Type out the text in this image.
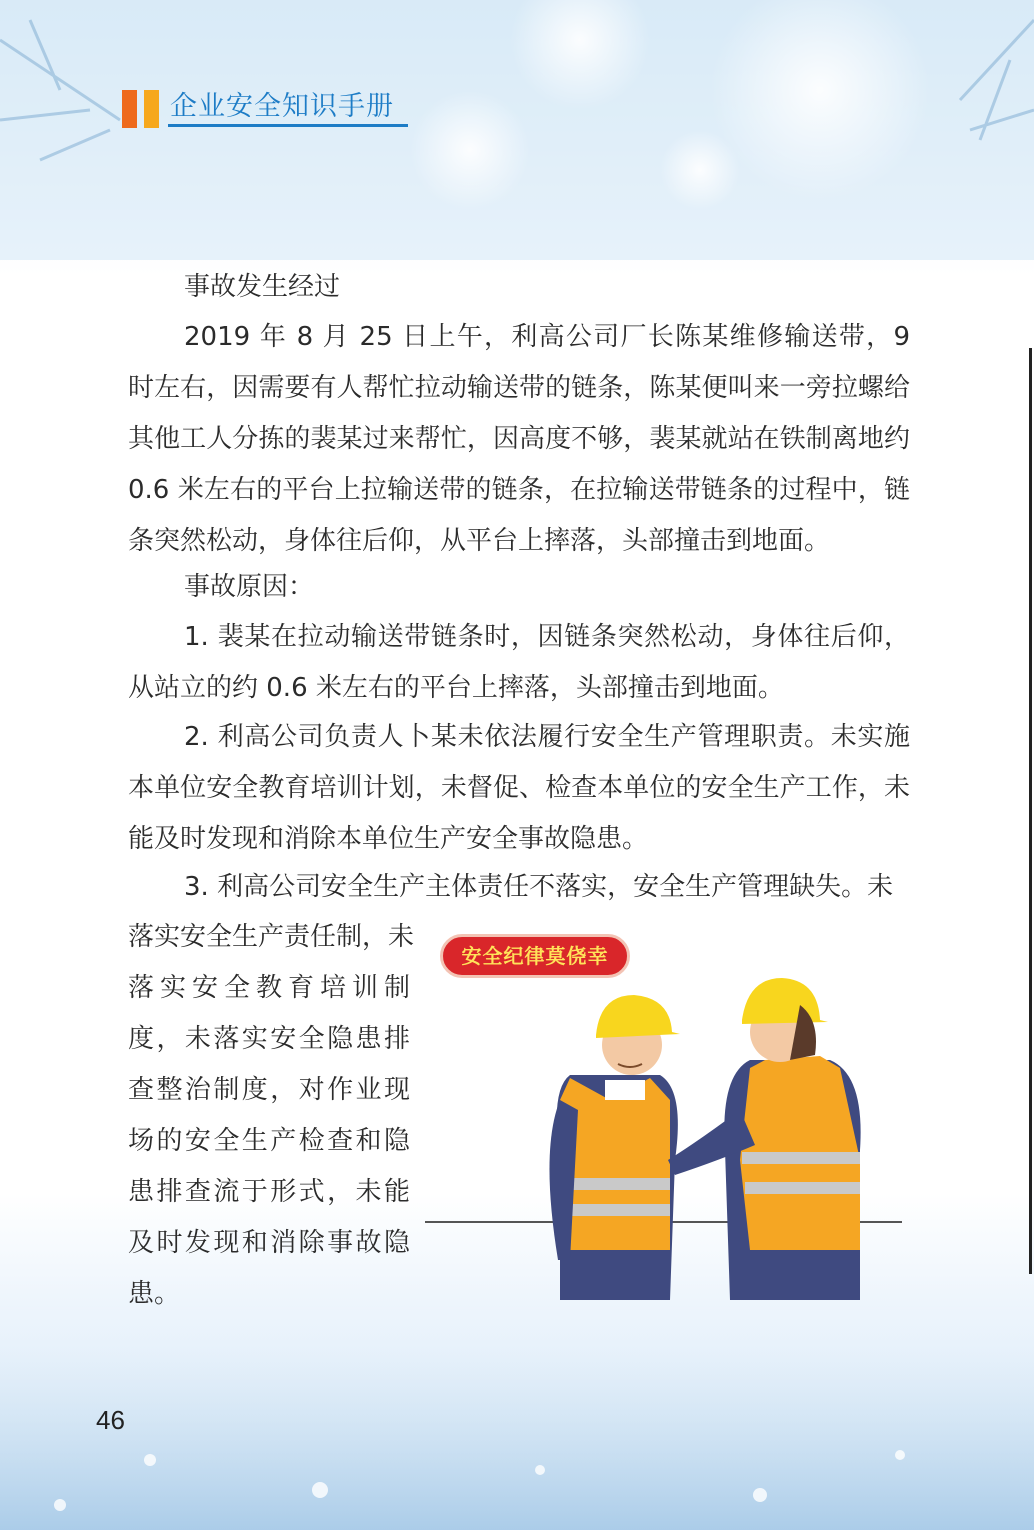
企业安全知识手册

事故发生经过

2019 年 8 月 25 日上午，利高公司厂长陈某维修输送带，9 时左右，因需要有人帮忙拉动输送带的链条，陈某便叫来一旁拉螺给其他工人分拣的裴某过来帮忙，因高度不够，裴某就站在铁制离地约 0.6 米左右的平台上拉输送带的链条，在拉输送带链条的过程中，链条突然松动，身体往后仰，从平台上摔落，头部撞击到地面。

事故原因：

1. 裴某在拉动输送带链条时，因链条突然松动，身体往后仰，从站立的约 0.6 米左右的平台上摔落，头部撞击到地面。

2. 利高公司负责人卜某未依法履行安全生产管理职责。未实施本单位安全教育培训计划，未督促、检查本单位的安全生产工作，未能及时发现和消除本单位生产安全事故隐患。

3. 利高公司安全生产主体责任不落实，安全生产管理缺失。未

落实安全生产责任制，未
落实安全教育培训制
度，未落实安全隐患排
查整治制度，对作业现
场的安全生产检查和隐
患排查流于形式，未能
及时发现和消除事故隐
患。
安全纪律莫侥幸
46
